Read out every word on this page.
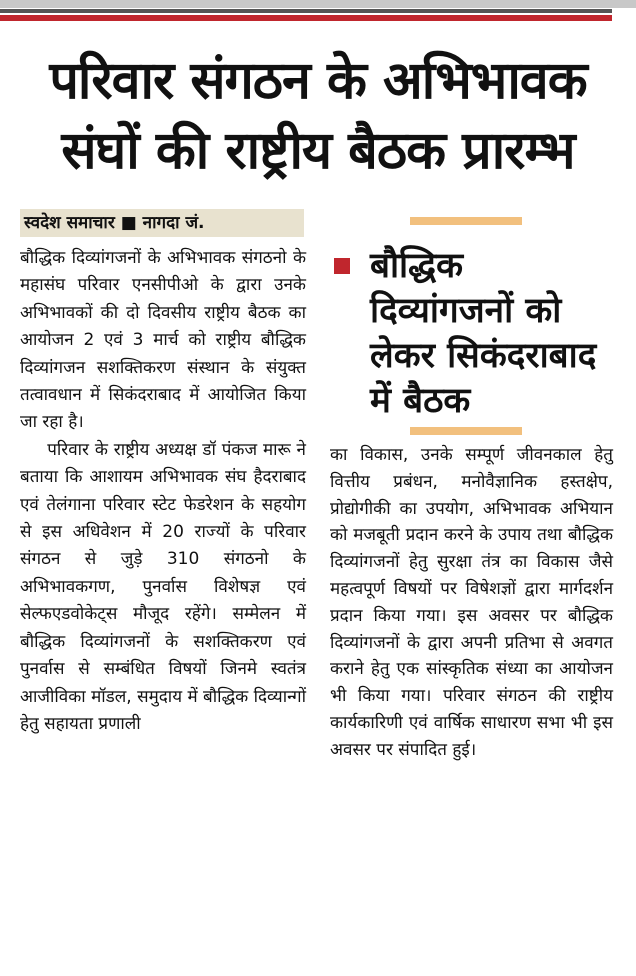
परिवार संगठन के अभिभावक
संघों की राष्ट्रीय बैठक प्रारम्भ
स्वदेश समाचार ■ नागदा जं.

बौद्धिक दिव्यांगजनों के अभिभावक संगठनो के महासंघ परिवार एनसीपीओ के द्वारा उनके अभिभावकों की दो दिवसीय राष्ट्रीय बैठक का आयोजन 2 एवं 3 मार्च को राष्ट्रीय बौद्धिक दिव्यांगजन सशक्तिकरण संस्थान के संयुक्त तत्वावधान में सिकंदराबाद में आयोजित किया जा रहा है।

परिवार के राष्ट्रीय अध्यक्ष डॉ पंकज मारू ने बताया कि आशायम अभिभावक संघ हैदराबाद एवं तेलंगाना परिवार स्टेट फेडरेशन के सहयोग से इस अधिवेशन में 20 राज्यों के परिवार संगठन से जुड़े 310 संगठनो के अभिभावकगण, पुनर्वास विशेषज्ञ एवं सेल्फएडवोकेट्स मौजूद रहेंगे। सम्मेलन में बौद्धिक दिव्यांगजनों के सशक्तिकरण एवं पुनर्वास से सम्बंधित विषयों जिनमे स्वतंत्र आजीविका मॉडल, समुदाय में बौद्धिक दिव्यान्गों हेतु सहायता प्रणाली

बौद्धिक दिव्यांगजनों को लेकर सिकंदराबाद में बैठक

का विकास, उनके सम्पूर्ण जीवनकाल हेतु वित्तीय प्रबंधन, मनोवैज्ञानिक हस्तक्षेप, प्रोद्योगीकी का उपयोग, अभिभावक अभियान को मजबूती प्रदान करने के उपाय तथा बौद्धिक दिव्यांगजनों हेतु सुरक्षा तंत्र का विकास जैसे महत्वपूर्ण विषयों पर विषेशज्ञों द्वारा मार्गदर्शन प्रदान किया गया। इस अवसर पर बौद्धिक दिव्यांगजनों के द्वारा अपनी प्रतिभा से अवगत कराने हेतु एक सांस्कृतिक संध्या का आयोजन भी किया गया। परिवार संगठन की राष्ट्रीय कार्यकारिणी एवं वार्षिक साधारण सभा भी इस अवसर पर संपादित हुई।
